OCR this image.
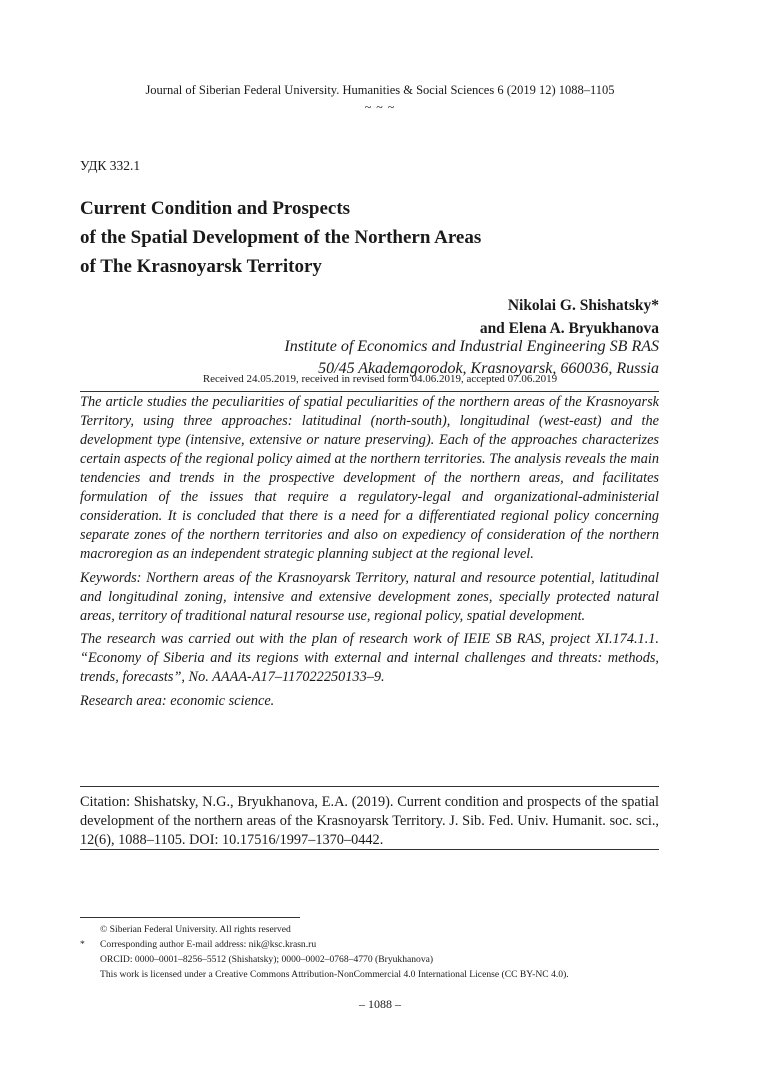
Journal of Siberian Federal University. Humanities & Social Sciences 6 (2019 12) 1088–1105
~ ~ ~
УДК 332.1
Current Condition and Prospects
of the Spatial Development of the Northern Areas
of The Krasnoyarsk Territory
Nikolai G. Shishatsky*
and Elena A. Bryukhanova
Institute of Economics and Industrial Engineering SB RAS
50/45 Akademgorodok, Krasnoyarsk, 660036, Russia
Received 24.05.2019, received in revised form 04.06.2019, accepted 07.06.2019

The article studies the peculiarities of spatial peculiarities of the northern areas of the Krasnoyarsk Territory, using three approaches: latitudinal (north-south), longitudinal (west-east) and the development type (intensive, extensive or nature preserving). Each of the approaches characterizes certain aspects of the regional policy aimed at the northern territories. The analysis reveals the main tendencies and trends in the prospective development of the northern areas, and facilitates formulation of the issues that require a regulatory-legal and organizational-administerial consideration. It is concluded that there is a need for a differentiated regional policy concerning separate zones of the northern territories and also on expediency of consideration of the northern macroregion as an independent strategic planning subject at the regional level.

Keywords: Northern areas of the Krasnoyarsk Territory, natural and resource potential, latitudinal and longitudinal zoning, intensive and extensive development zones, specially protected natural areas, territory of traditional natural resourse use, regional policy, spatial development.

The research was carried out with the plan of research work of IEIE SB RAS, project XI.174.1.1. “Economy of Siberia and its regions with external and internal challenges and threats: methods, trends, forecasts”, No. AAAA-A17–117022250133–9.

Research area: economic science.

Citation: Shishatsky, N.G., Bryukhanova, E.A. (2019). Current condition and prospects of the spatial development of the northern areas of the Krasnoyarsk Territory. J. Sib. Fed. Univ. Humanit. soc. sci., 12(6), 1088–1105. DOI: 10.17516/1997–1370–0442.

© Siberian Federal University. All rights reserved
*	Corresponding author E-mail address: nik@ksc.krasn.ru
ORCID: 0000–0001–8256–5512 (Shishatsky); 0000–0002–0768–4770 (Bryukhanova)
This work is licensed under a Creative Commons Attribution-NonCommercial 4.0 International License (CC BY-NC 4.0).
– 1088 –
